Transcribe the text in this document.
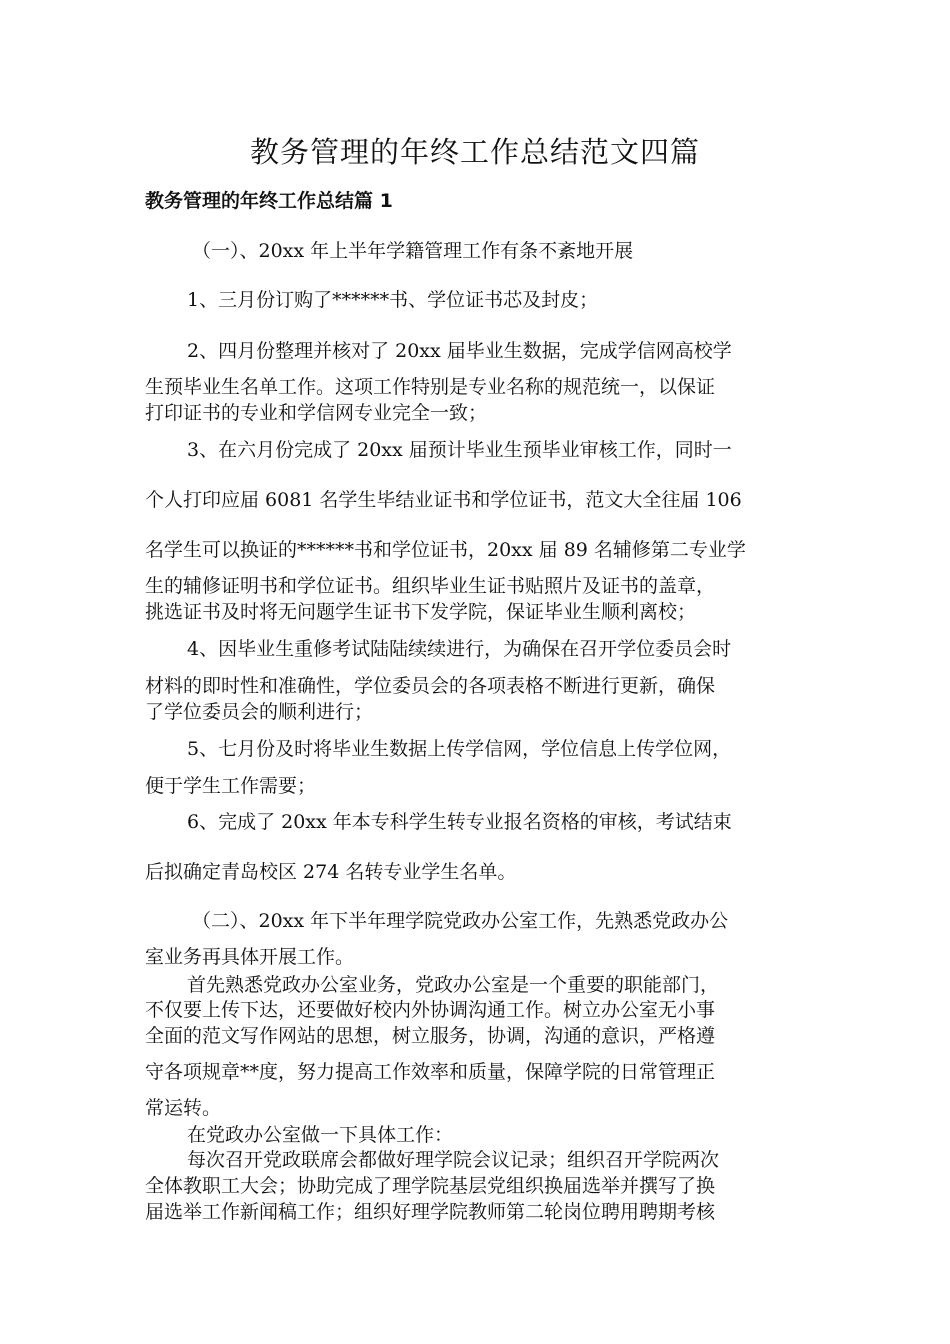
教务管理的年终工作总结范文四篇
教务管理的年终工作总结篇 1

（一）、20xx 年上半年学籍管理工作有条不紊地开展

1、三月份订购了******书、学位证书芯及封皮；

2、四月份整理并核对了 20xx 届毕业生数据，完成学信网高校学

生预毕业生名单工作。这项工作特别是专业名称的规范统一，以保证

打印证书的专业和学信网专业完全一致；

3、在六月份完成了 20xx 届预计毕业生预毕业审核工作，同时一

个人打印应届 6081 名学生毕结业证书和学位证书，范文大全往届 106

名学生可以换证的******书和学位证书，20xx 届 89 名辅修第二专业学

生的辅修证明书和学位证书。组织毕业生证书贴照片及证书的盖章，

挑选证书及时将无问题学生证书下发学院，保证毕业生顺利离校；

4、因毕业生重修考试陆陆续续进行，为确保在召开学位委员会时

材料的即时性和准确性，学位委员会的各项表格不断进行更新，确保

了学位委员会的顺利进行；

5、七月份及时将毕业生数据上传学信网，学位信息上传学位网，

便于学生工作需要；

6、完成了 20xx 年本专科学生转专业报名资格的审核，考试结束

后拟确定青岛校区 274 名转专业学生名单。

（二）、20xx 年下半年理学院党政办公室工作，先熟悉党政办公

室业务再具体开展工作。

首先熟悉党政办公室业务，党政办公室是一个重要的职能部门，

不仅要上传下达，还要做好校内外协调沟通工作。树立办公室无小事

全面的范文写作网站的思想，树立服务，协调，沟通的意识，严格遵

守各项规章**度，努力提高工作效率和质量，保障学院的日常管理正

常运转。

在党政办公室做一下具体工作：

每次召开党政联席会都做好理学院会议记录；组织召开学院两次

全体教职工大会；协助完成了理学院基层党组织换届选举并撰写了换

届选举工作新闻稿工作；组织好理学院教师第二轮岗位聘用聘期考核
